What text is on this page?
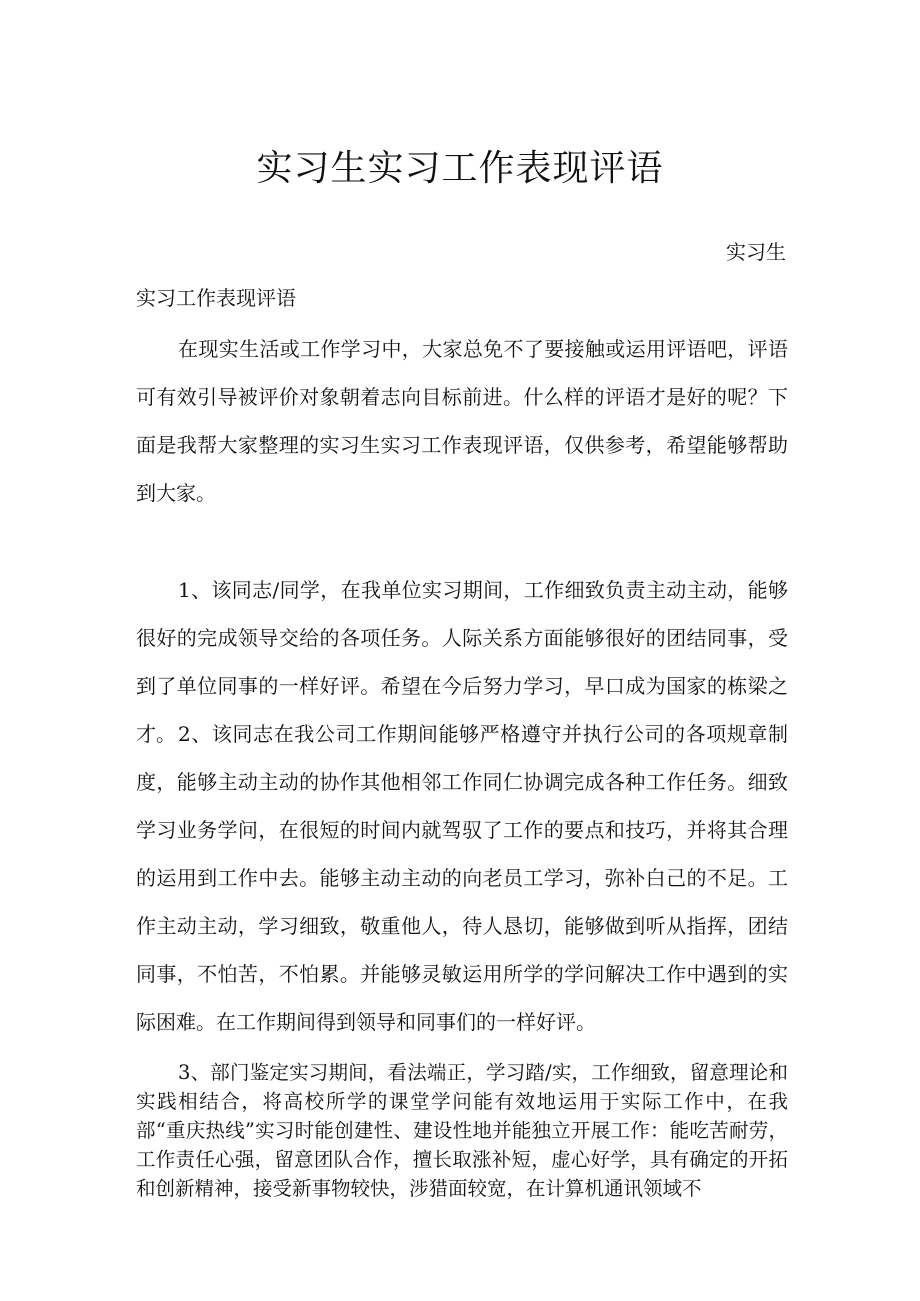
实习生实习工作表现评语

实习生

实习工作表现评语

在现实生活或工作学习中，大家总免不了要接触或运用评语吧，评语可有效引导被评价对象朝着志向目标前进。什么样的评语才是好的呢？下面是我帮大家整理的实习生实习工作表现评语，仅供参考，希望能够帮助到大家。

1、该同志/同学，在我单位实习期间，工作细致负责主动主动，能够很好的完成领导交给的各项任务。人际关系方面能够很好的团结同事，受到了单位同事的一样好评。希望在今后努力学习，早口成为国家的栋梁之才。 2、该同志在我公司工作期间能够严格遵守并执行公司的各项规章制度，能够主动主动的协作其他相邻工作同仁协调完成各种工作任务。细致学习业务学问，在很短的时间内就驾驭了工作的要点和技巧，并将其合理的运用到工作中去。能够主动主动的向老员工学习，弥补白己的不足。工作主动主动，学习细致，敬重他人，待人恳切，能够做到听从指挥，团结同事，不怕苦，不怕累。并能够灵敏运用所学的学问解决工作中遇到的实际困难。在工作期间得到领导和同事们的一样好评。

3、部门鉴定实习期间，看法端正，学习踏/实，工作细致，留意理论和实践相结合，将高校所学的课堂学问能有效地运用于实际工作中，在我部“重庆热线”实习时能创建性、建设性地并能独立开展工作：能吃苦耐劳，工作责任心强，留意团队合作，擅长取涨补短，虚心好学，具有确定的开拓和创新精神，接受新事物较快，涉猎面较宽，在计算机通讯领域不
